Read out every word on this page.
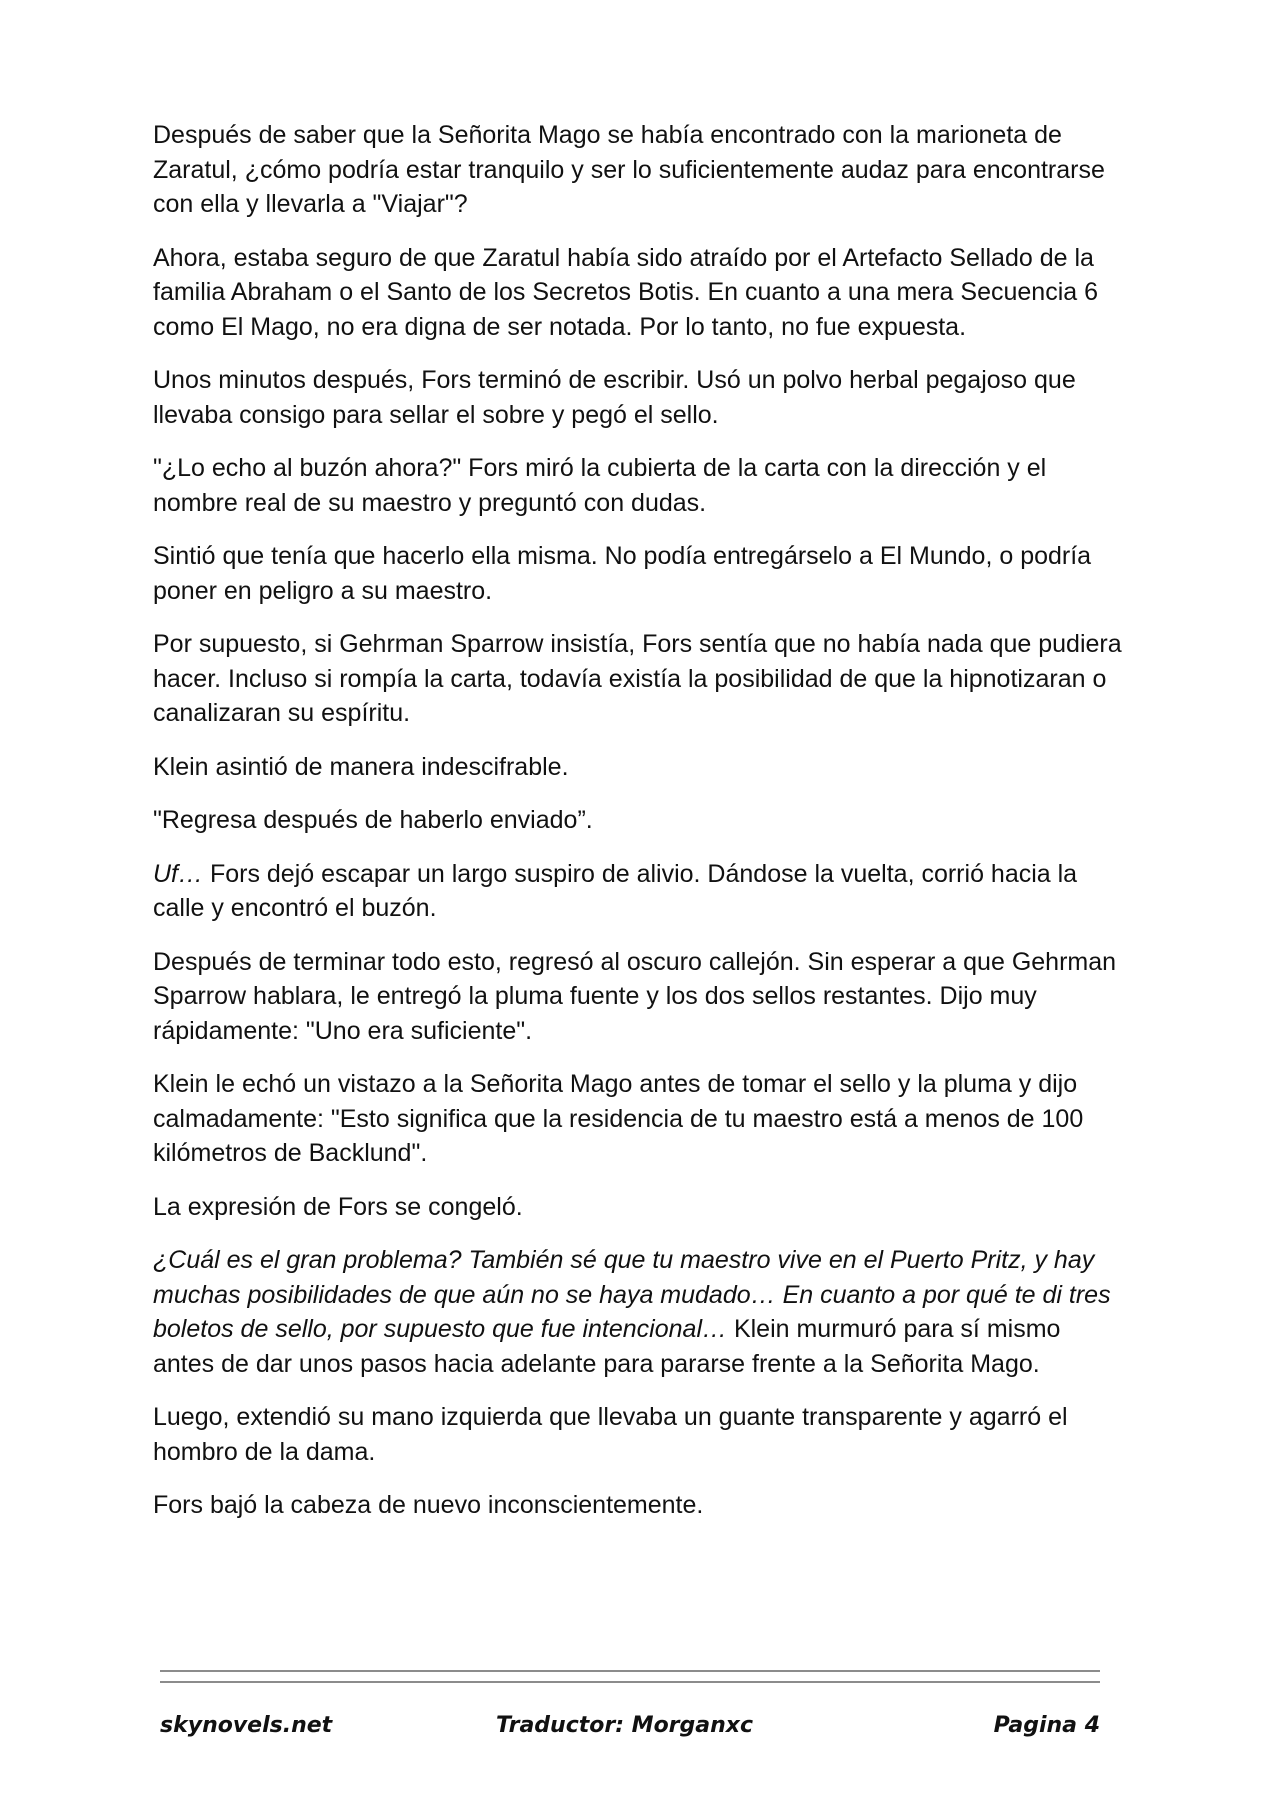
Después de saber que la Señorita Mago se había encontrado con la marioneta de Zaratul, ¿cómo podría estar tranquilo y ser lo suficientemente audaz para encontrarse con ella y llevarla a "Viajar"?

Ahora, estaba seguro de que Zaratul había sido atraído por el Artefacto Sellado de la familia Abraham o el Santo de los Secretos Botis. En cuanto a una mera Secuencia 6 como El Mago, no era digna de ser notada. Por lo tanto, no fue expuesta.

Unos minutos después, Fors terminó de escribir. Usó un polvo herbal pegajoso que llevaba consigo para sellar el sobre y pegó el sello.

"¿Lo echo al buzón ahora?" Fors miró la cubierta de la carta con la dirección y el nombre real de su maestro y preguntó con dudas.

Sintió que tenía que hacerlo ella misma. No podía entregárselo a El Mundo, o podría poner en peligro a su maestro.

Por supuesto, si Gehrman Sparrow insistía, Fors sentía que no había nada que pudiera hacer. Incluso si rompía la carta, todavía existía la posibilidad de que la hipnotizaran o canalizaran su espíritu.

Klein asintió de manera indescifrable.

"Regresa después de haberlo enviado”.

Uf… Fors dejó escapar un largo suspiro de alivio. Dándose la vuelta, corrió hacia la calle y encontró el buzón.

Después de terminar todo esto, regresó al oscuro callejón. Sin esperar a que Gehrman Sparrow hablara, le entregó la pluma fuente y los dos sellos restantes. Dijo muy rápidamente: "Uno era suficiente".

Klein le echó un vistazo a la Señorita Mago antes de tomar el sello y la pluma y dijo calmadamente: "Esto significa que la residencia de tu maestro está a menos de 100 kilómetros de Backlund".

La expresión de Fors se congeló.

¿Cuál es el gran problema? También sé que tu maestro vive en el Puerto Pritz, y hay muchas posibilidades de que aún no se haya mudado… En cuanto a por qué te di tres boletos de sello, por supuesto que fue intencional… Klein murmuró para sí mismo antes de dar unos pasos hacia adelante para pararse frente a la Señorita Mago.

Luego, extendió su mano izquierda que llevaba un guante transparente y agarró el hombro de la dama.

Fors bajó la cabeza de nuevo inconscientemente.

skynovels.net	Traductor: Morganxc	Pagina 4
